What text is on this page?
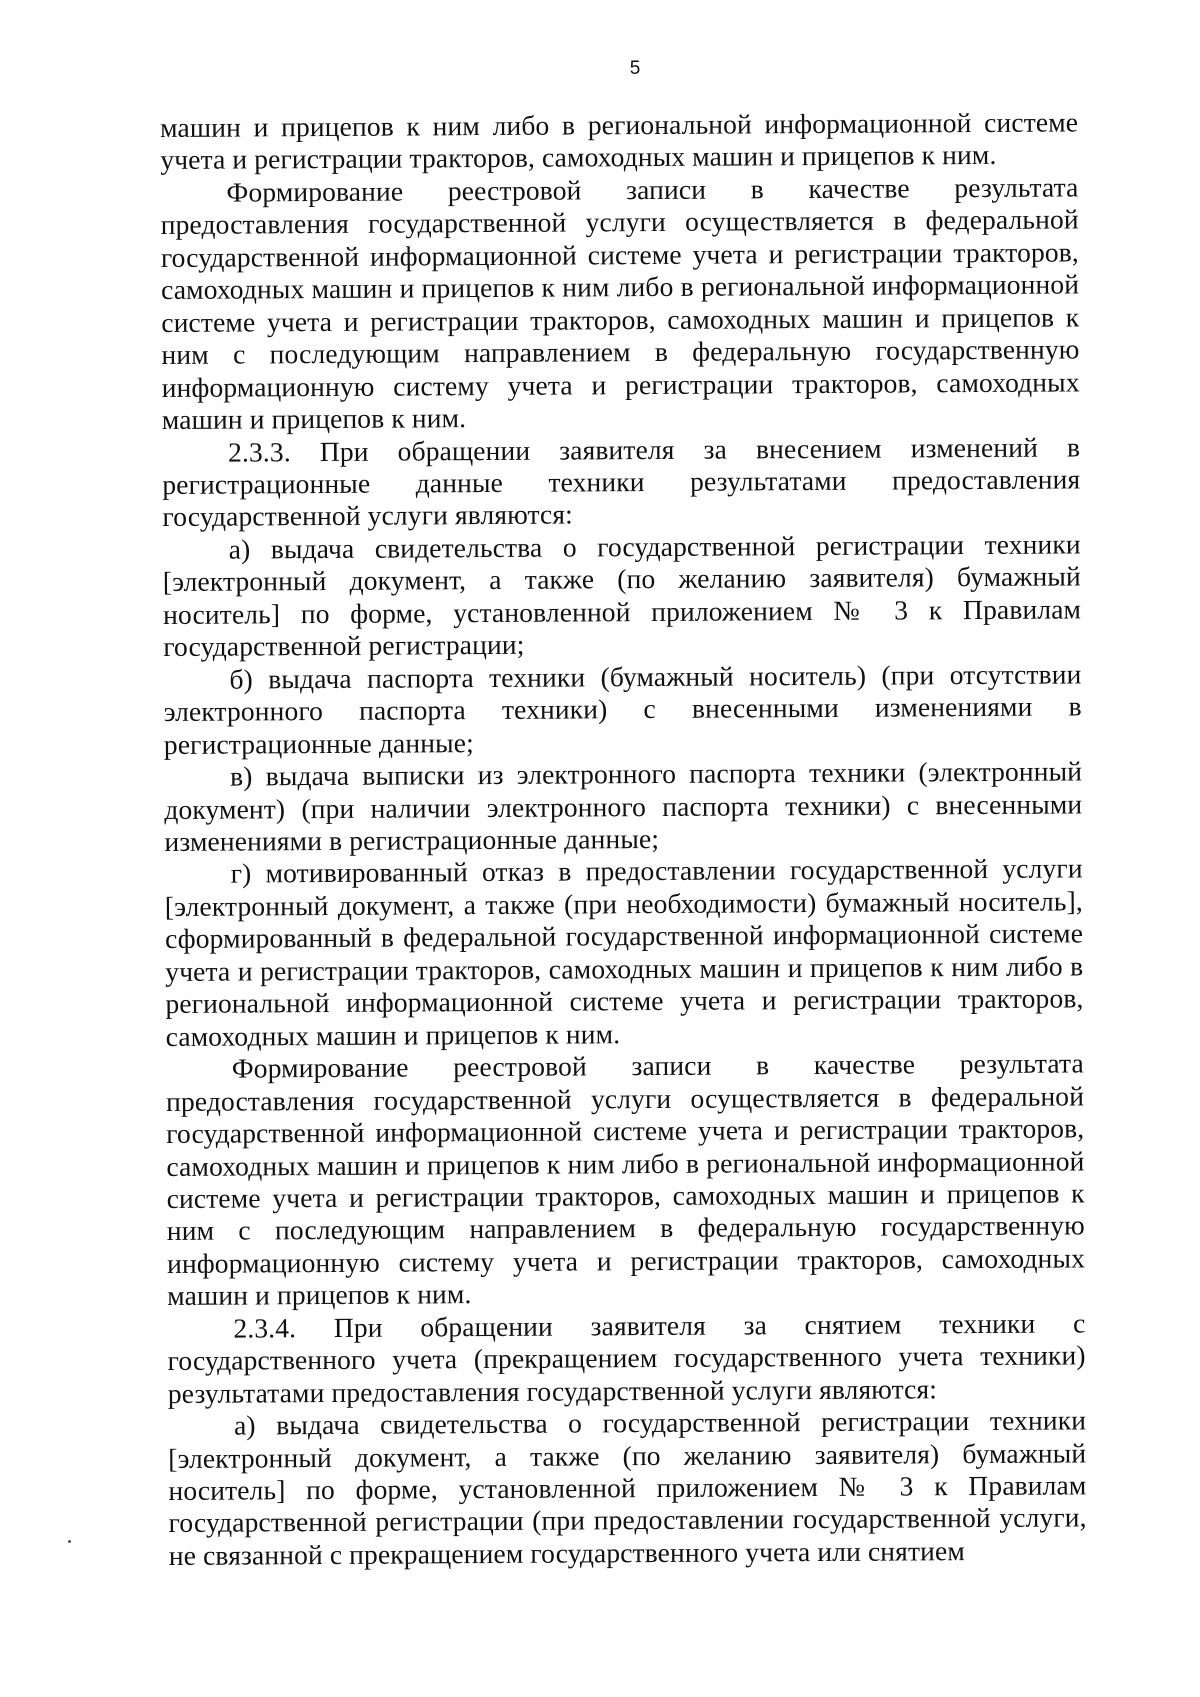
5

машин и прицепов к ним либо в региональной информационной системе учета и регистрации тракторов, самоходных машин и прицепов к ним.

Формирование реестровой записи в качестве результата предоставления государственной услуги осуществляется в федеральной государственной информационной системе учета и регистрации тракторов, самоходных машин и прицепов к ним либо в региональной информационной системе учета и регистрации тракторов, самоходных машин и прицепов к ним с последующим направлением в федеральную государственную информационную систему учета и регистрации тракторов, самоходных машин и прицепов к ним.

2.3.3. При обращении заявителя за внесением изменений в регистрационные данные техники результатами предоставления государственной услуги являются:

а) выдача свидетельства о государственной регистрации техники [электронный документ, а также (по желанию заявителя) бумажный носитель] по форме, установленной приложением № 3 к Правилам государственной регистрации;

б) выдача паспорта техники (бумажный носитель) (при отсутствии электронного паспорта техники) с внесенными изменениями в регистрационные данные;

в) выдача выписки из электронного паспорта техники (электронный документ) (при наличии электронного паспорта техники) с внесенными изменениями в регистрационные данные;

г) мотивированный отказ в предоставлении государственной услуги [электронный документ, а также (при необходимости) бумажный носитель], сформированный в федеральной государственной информационной системе учета и регистрации тракторов, самоходных машин и прицепов к ним либо в региональной информационной системе учета и регистрации тракторов, самоходных машин и прицепов к ним.

Формирование реестровой записи в качестве результата предоставления государственной услуги осуществляется в федеральной государственной информационной системе учета и регистрации тракторов, самоходных машин и прицепов к ним либо в региональной информационной системе учета и регистрации тракторов, самоходных машин и прицепов к ним с последующим направлением в федеральную государственную информационную систему учета и регистрации тракторов, самоходных машин и прицепов к ним.

2.3.4. При обращении заявителя за снятием техники с государственного учета (прекращением государственного учета техники) результатами предоставления государственной услуги являются:

а) выдача свидетельства о государственной регистрации техники [электронный документ, а также (по желанию заявителя) бумажный носитель] по форме, установленной приложением № 3 к Правилам государственной регистрации (при предоставлении государственной услуги, не связанной с прекращением государственного учета или снятием
